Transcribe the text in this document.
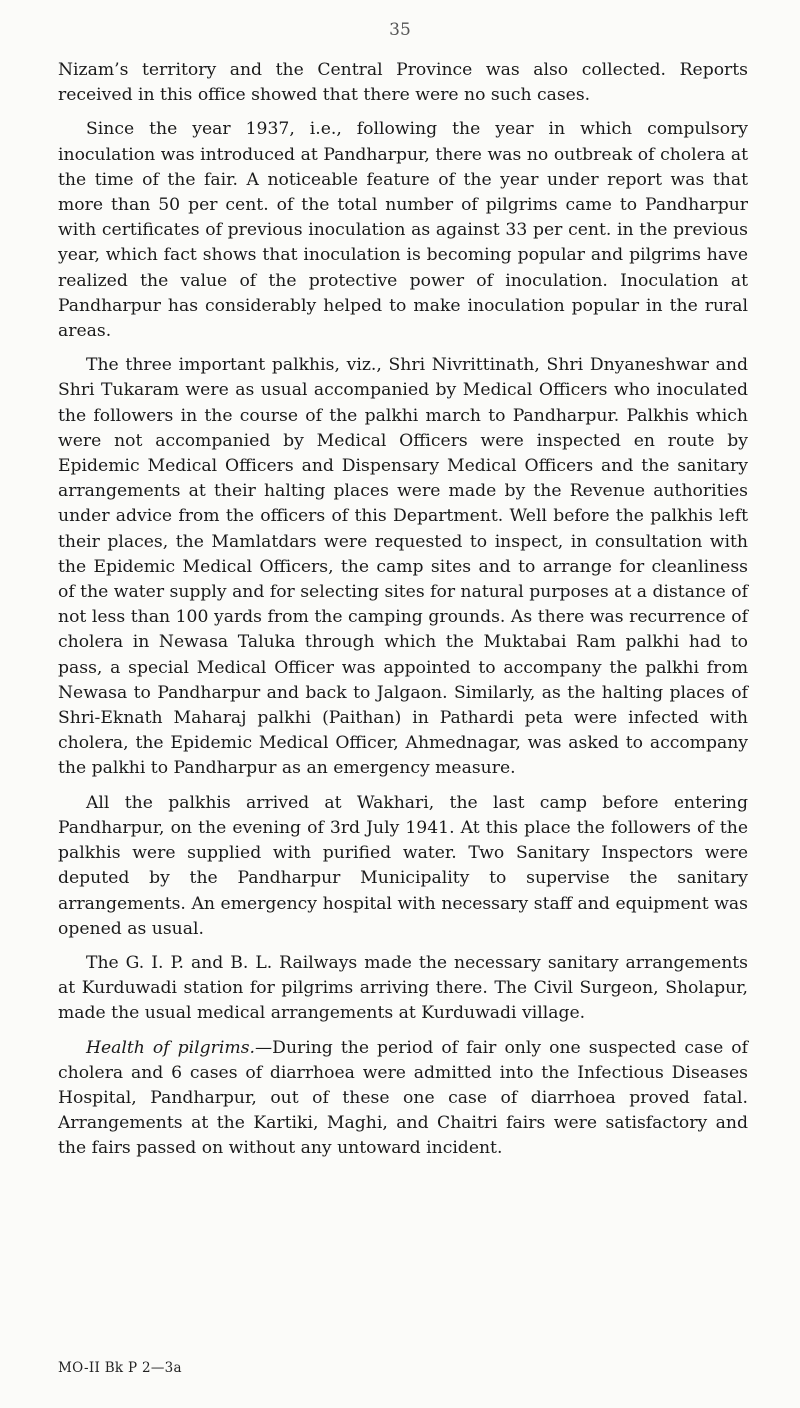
35

Nizam’s territory and the Central Province was also collected. Reports received in this office showed that there were no such cases.

Since the year 1937, i.e., following the year in which compulsory inoculation was introduced at Pandharpur, there was no outbreak of cholera at the time of the fair. A noticeable feature of the year under report was that more than 50 per cent. of the total number of pilgrims came to Pandharpur with certificates of previous inoculation as against 33 per cent. in the previous year, which fact shows that inoculation is becoming popular and pilgrims have realized the value of the protective power of inoculation. Inoculation at Pandharpur has considerably helped to make inoculation popular in the rural areas.

The three important palkhis, viz., Shri Nivrittinath, Shri Dnyaneshwar and Shri Tukaram were as usual accompanied by Medical Officers who inoculated the followers in the course of the palkhi march to Pandharpur. Palkhis which were not accompanied by Medical Officers were inspected en route by Epidemic Medical Officers and Dispensary Medical Officers and the sanitary arrangements at their halting places were made by the Revenue authorities under advice from the officers of this Department. Well before the palkhis left their places, the Mamlatdars were requested to inspect, in consultation with the Epidemic Medical Officers, the camp sites and to arrange for cleanliness of the water supply and for selecting sites for natural purposes at a distance of not less than 100 yards from the camping grounds. As there was recurrence of cholera in Newasa Taluka through which the Muktabai Ram palkhi had to pass, a special Medical Officer was appointed to accompany the palkhi from Newasa to Pandharpur and back to Jalgaon. Similarly, as the halting places of Shri-Eknath Maharaj palkhi (Paithan) in Pathardi peta were infected with cholera, the Epidemic Medical Officer, Ahmednagar, was asked to accompany the palkhi to Pandharpur as an emergency measure.

All the palkhis arrived at Wakhari, the last camp before entering Pandharpur, on the evening of 3rd July 1941. At this place the followers of the palkhis were supplied with purified water. Two Sanitary Inspectors were deputed by the Pandharpur Municipality to supervise the sanitary arrangements. An emergency hospital with necessary staff and equipment was opened as usual.

The G. I. P. and B. L. Railways made the necessary sanitary arrangements at Kurduwadi station for pilgrims arriving there. The Civil Surgeon, Sholapur, made the usual medical arrangements at Kurduwadi village.

Health of pilgrims.—During the period of fair only one suspected case of cholera and 6 cases of diarrhoea were admitted into the Infectious Diseases Hospital, Pandharpur, out of these one case of diarrhoea proved fatal. Arrangements at the Kartiki, Maghi, and Chaitri fairs were satisfactory and the fairs passed on without any untoward incident.

MO-II Bk P 2—3a
